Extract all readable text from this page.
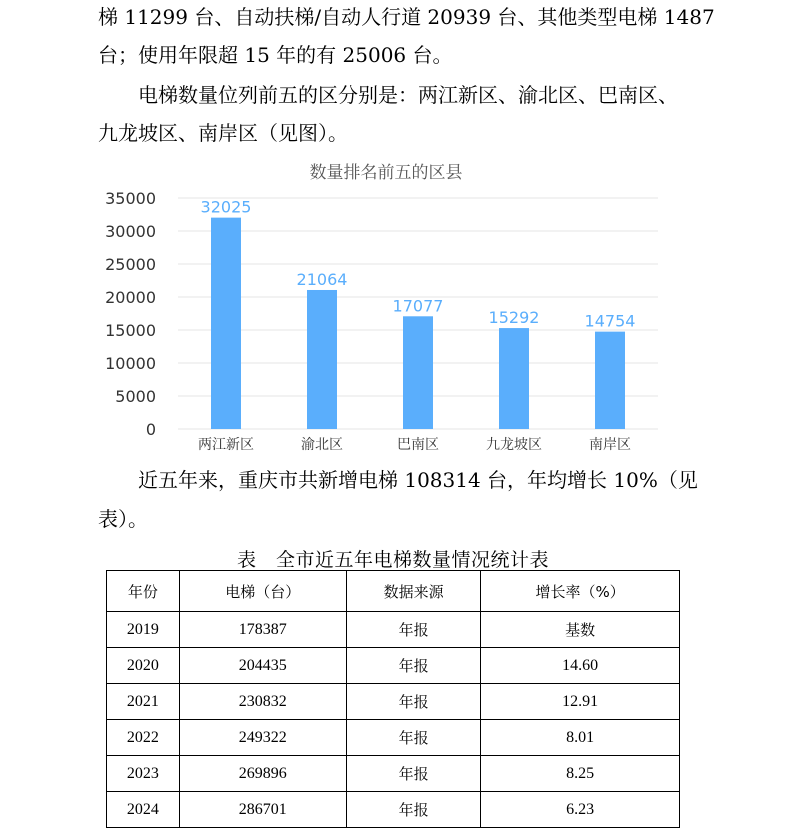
梯 11299 台、自动扶梯/自动人行道 20939 台、其他类型电梯 1487
台；使用年限超 15 年的有 25006 台。
　　电梯数量位列前五的区分别是：两江新区、渝北区、巴南区、
九龙坡区、南岸区（见图）。
数量排名前五的区县
0
5000
10000
15000
20000
25000
30000
35000	32025
21064
17077
15292	14754
两江新区	渝北区	巴南区	九龙坡区	南岸区
　　近五年来，重庆市共新增电梯 108314 台，年均增长 10%（见
表）。
表　全市近五年电梯数量情况统计表
年份	电梯（台）	数据来源	增长率（%）
2019	178387	年报	基数
2020	204435	年报	14.60
2021	230832	年报	12.91
2022	249322	年报	8.01
2023	269896	年报	8.25
2024	286701	年报	6.23
